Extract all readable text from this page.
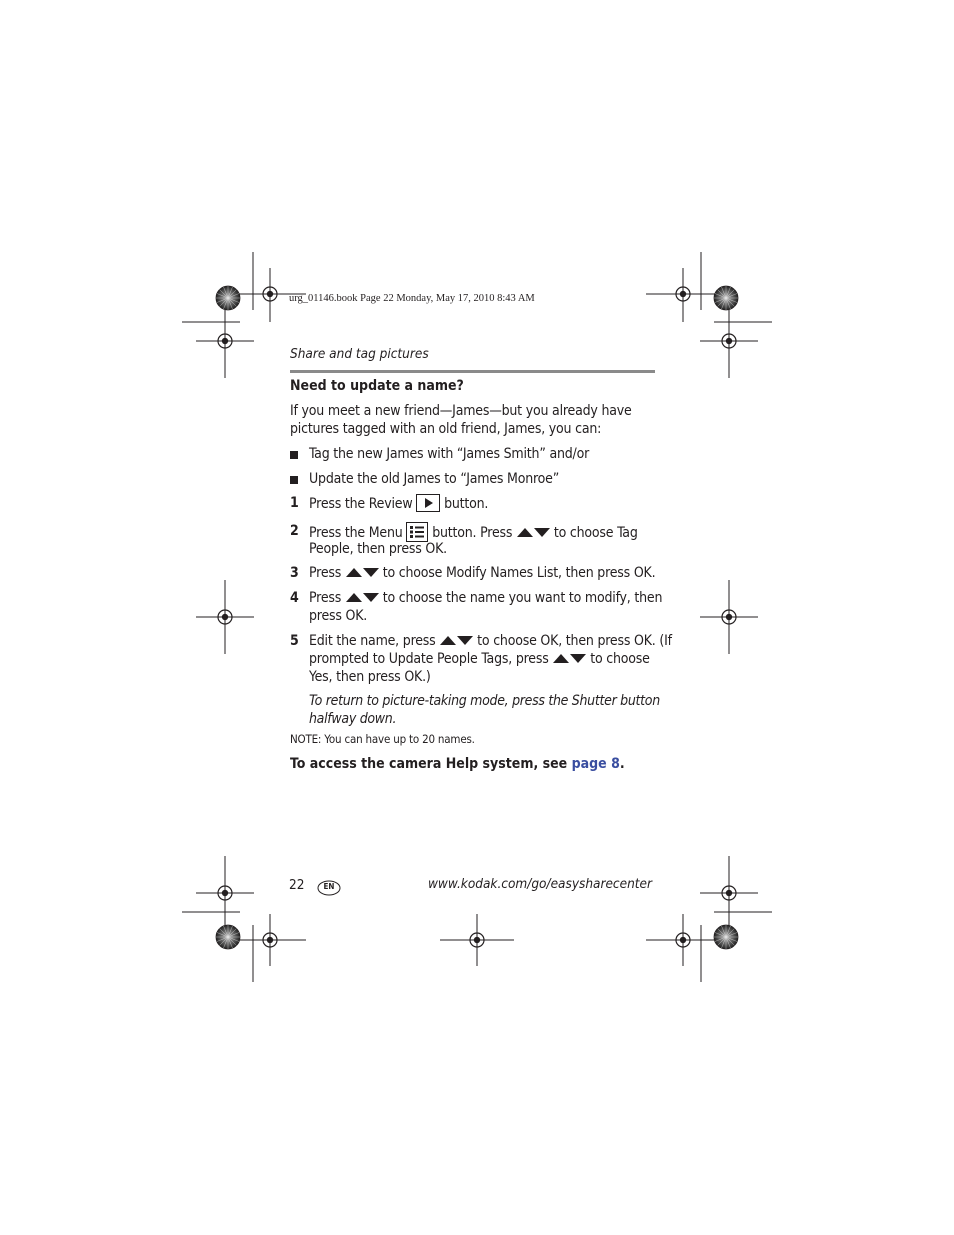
urg_01146.book Page 22 Monday, May 17, 2010 8:43 AM
Share and tag pictures
Need to update a name?
If you meet a new friend—James—but you already have
pictures tagged with an old friend, James, you can:
Tag the new James with “James Smith” and/or
Update the old James to “James Monroe”
1 Press the Review button.
2 Press the Menu button. Press	to choose Tag
People, then press OK.
3 Press	to choose Modify Names List, then press OK.
4 Press	to choose the name you want to modify, then
press OK.
5 Edit the name, press	to choose OK, then press OK. (If
prompted to Update People Tags, press	to choose
Yes, then press OK.)
To return to picture-taking mode, press the Shutter button
halfway down.
NOTE: You can have up to 20 names.
To access the camera Help system, see page 8.
22	EN	www.kodak.com/go/easysharecenter
